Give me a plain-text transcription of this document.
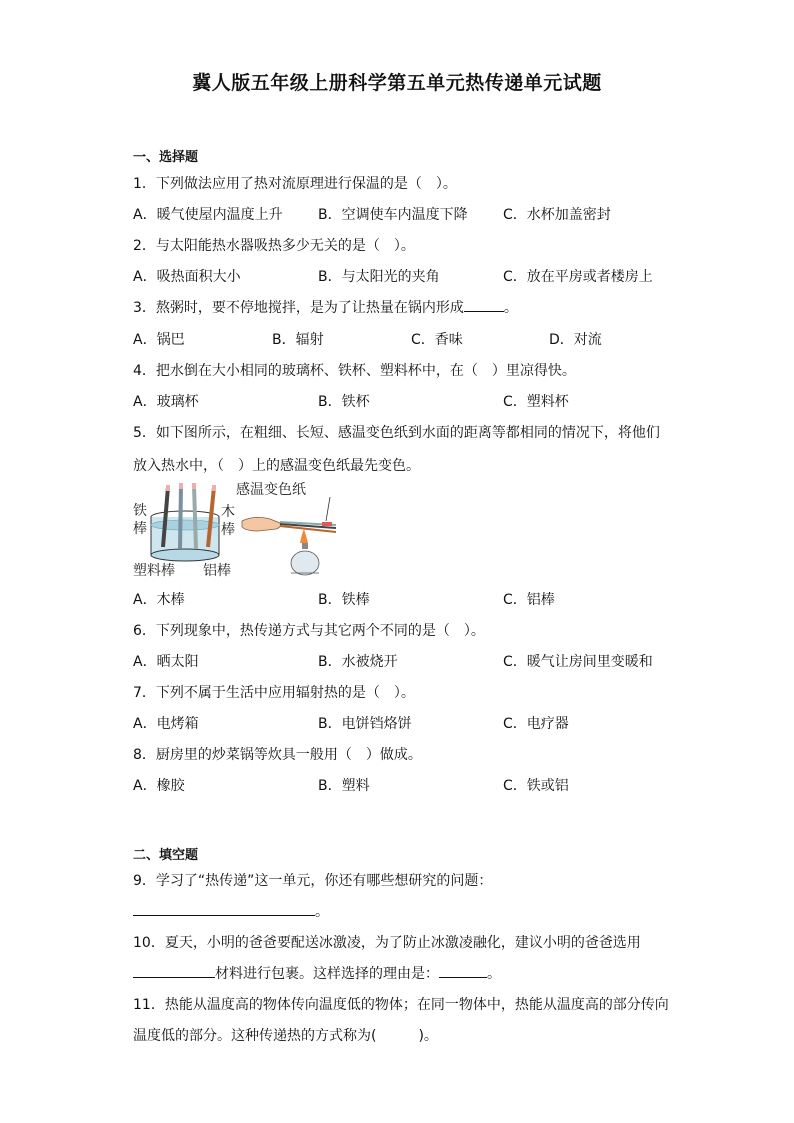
冀人版五年级上册科学第五单元热传递单元试题
一、选择题
1．下列做法应用了热对流原理进行保温的是（　）。
A．暖气使屋内温度上升	B．空调使车内温度下降	C．水杯加盖密封
2．与太阳能热水器吸热多少无关的是（　）。
A．吸热面积大小	B．与太阳光的夹角	C．放在平房或者楼房上
3．熬粥时，要不停地搅拌，是为了让热量在锅内形成	。
A．锅巴	B．辐射	C．香味	D．对流
4．把水倒在大小相同的玻璃杯、铁杯、塑料杯中，在（　）里凉得快。
A．玻璃杯	B．铁杯	C．塑料杯
5．如下图所示，在粗细、长短、感温变色纸到水面的距离等都相同的情况下，将他们
放入热水中，（　）上的感温变色纸最先变色。
感温变色纸
铁
棒
木
棒
塑料棒 铝棒
A．木棒	B．铁棒	C．铝棒
6．下列现象中，热传递方式与其它两个不同的是（　）。
A．晒太阳	B．水被烧开	C．暖气让房间里变暖和
7．下列不属于生活中应用辐射热的是（　）。
A．电烤箱	B．电饼铛烙饼	C．电疗器
8．厨房里的炒菜锅等炊具一般用（　）做成。
A．橡胶	B．塑料	C．铁或铝
二、填空题
9．学习了“热传递”这一单元，你还有哪些想研究的问题：
。
10．夏天，小明的爸爸要配送冰激凌，为了防止冰激凌融化，建议小明的爸爸选用
材料进行包裹。这样选择的理由是：	。
11．热能从温度高的物体传向温度低的物体；在同一物体中，热能从温度高的部分传向
温度低的部分。这种传递热的方式称为(　　　)。
